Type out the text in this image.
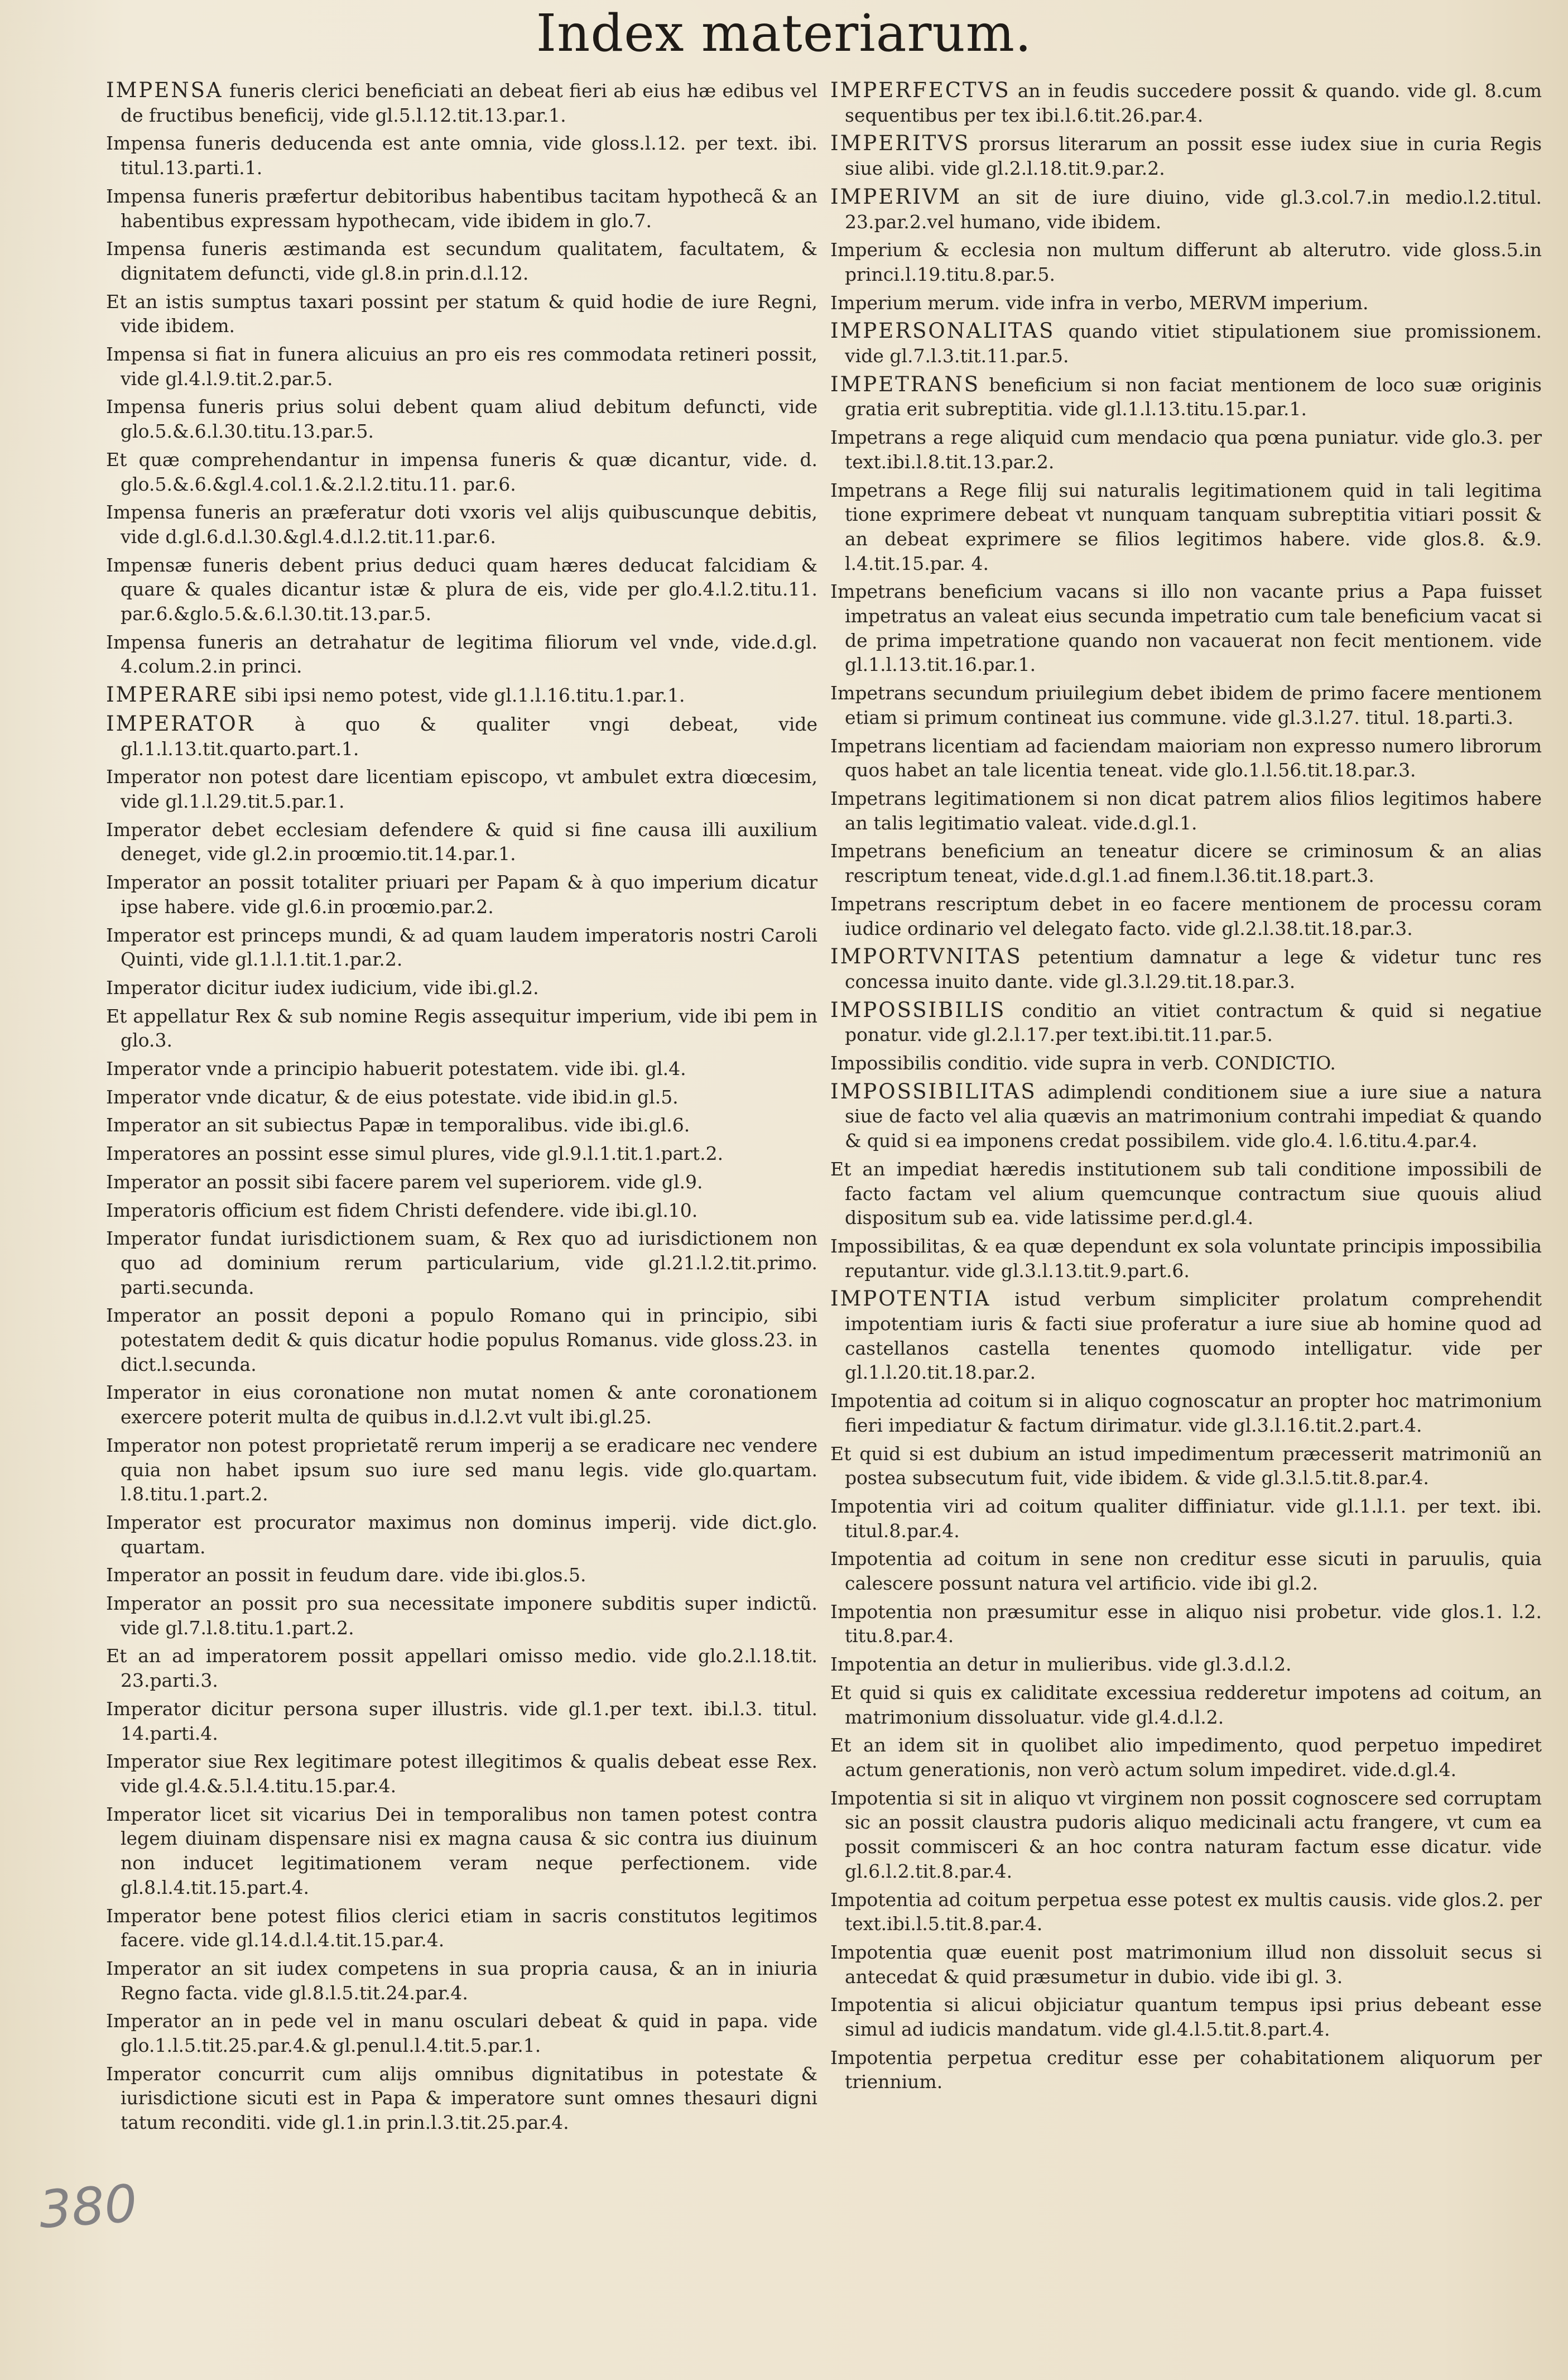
Index materiarum.

IMPENSA funeris clerici beneficiati an debeat fieri ab eius hæ edibus vel de fructibus beneficij, vide gl.5.l.12.tit.13.par.1.

Impensa funeris deducenda est ante omnia, vide gloss.l.12. per text. ibi. titul.13.parti.1.

Impensa funeris præfertur debitoribus habentibus tacitam hypothecã & an habentibus expressam hypothecam, vide ibidem in glo.7.

Impensa funeris æstimanda est secundum qualitatem, facultatem, & dignitatem defuncti, vide gl.8.in prin.d.l.12.

Et an istis sumptus taxari possint per statum & quid hodie de iure Regni, vide ibidem.

Impensa si fiat in funera alicuius an pro eis res commodata retineri possit, vide gl.4.l.9.tit.2.par.5.

Impensa funeris prius solui debent quam aliud debitum defuncti, vide glo.5.&.6.l.30.titu.13.par.5.

Et quæ comprehendantur in impensa funeris & quæ dicantur, vide. d. glo.5.&.6.&gl.4.col.1.&.2.l.2.titu.11. par.6.

Impensa funeris an præferatur doti vxoris vel alijs quibuscunque debitis, vide d.gl.6.d.l.30.&gl.4.d.l.2.tit.11.par.6.

Impensæ funeris debent prius deduci quam hæres deducat falcidiam & quare & quales dicantur istæ & plura de eis, vide per glo.4.l.2.titu.11. par.6.&glo.5.&.6.l.30.tit.13.par.5.

Impensa funeris an detrahatur de legitima filiorum vel vnde, vide.d.gl. 4.colum.2.in princi.

IMPERARE sibi ipsi nemo potest, vide gl.1.l.16.titu.1.par.1.

IMPERATOR à quo & qualiter vngi debeat, vide gl.1.l.13.tit.quarto.part.1.

Imperator non potest dare licentiam episcopo, vt ambulet extra diœcesim, vide gl.1.l.29.tit.5.par.1.

Imperator debet ecclesiam defendere & quid si fine causa illi auxilium deneget, vide gl.2.in proœmio.tit.14.par.1.

Imperator an possit totaliter priuari per Papam & à quo imperium dicatur ipse habere. vide gl.6.in proœmio.par.2.

Imperator est princeps mundi, & ad quam laudem imperatoris nostri Caroli Quinti, vide gl.1.l.1.tit.1.par.2.

Imperator dicitur iudex iudicium, vide ibi.gl.2.

Et appellatur Rex & sub nomine Regis assequitur imperium, vide ibi pem in glo.3.

Imperator vnde a principio habuerit potestatem. vide ibi. gl.4.

Imperator vnde dicatur, & de eius potestate. vide ibid.in gl.5.

Imperator an sit subiectus Papæ in temporalibus. vide ibi.gl.6.

Imperatores an possint esse simul plures, vide gl.9.l.1.tit.1.part.2.

Imperator an possit sibi facere parem vel superiorem. vide gl.9.

Imperatoris officium est fidem Christi defendere. vide ibi.gl.10.

Imperator fundat iurisdictionem suam, & Rex quo ad iurisdictionem non quo ad dominium rerum particularium, vide gl.21.l.2.tit.primo. parti.secunda.

Imperator an possit deponi a populo Romano qui in principio, sibi potestatem dedit & quis dicatur hodie populus Romanus. vide gloss.23. in dict.l.secunda.

Imperator in eius coronatione non mutat nomen & ante coronationem exercere poterit multa de quibus in.d.l.2.vt vult ibi.gl.25.

Imperator non potest proprietatẽ rerum imperij a se eradicare nec vendere quia non habet ipsum suo iure sed manu legis. vide glo.quartam. l.8.titu.1.part.2.

Imperator est procurator maximus non dominus imperij. vide dict.glo. quartam.

Imperator an possit in feudum dare. vide ibi.glos.5.

Imperator an possit pro sua necessitate imponere subditis super indictũ. vide gl.7.l.8.titu.1.part.2.

Et an ad imperatorem possit appellari omisso medio. vide glo.2.l.18.tit. 23.parti.3.

Imperator dicitur persona super illustris. vide gl.1.per text. ibi.l.3. titul. 14.parti.4.

Imperator siue Rex legitimare potest illegitimos & qualis debeat esse Rex. vide gl.4.&.5.l.4.titu.15.par.4.

Imperator licet sit vicarius Dei in temporalibus non tamen potest contra legem diuinam dispensare nisi ex magna causa & sic contra ius diuinum non inducet legitimationem veram neque perfectionem. vide gl.8.l.4.tit.15.part.4.

Imperator bene potest filios clerici etiam in sacris constitutos legitimos facere. vide gl.14.d.l.4.tit.15.par.4.

Imperator an sit iudex competens in sua propria causa, & an in iniuria Regno facta. vide gl.8.l.5.tit.24.par.4.

Imperator an in pede vel in manu osculari debeat & quid in papa. vide glo.1.l.5.tit.25.par.4.& gl.penul.l.4.tit.5.par.1.

Imperator concurrit cum alijs omnibus dignitatibus in potestate & iurisdictione sicuti est in Papa & imperatore sunt omnes thesauri digni tatum reconditi. vide gl.1.in prin.l.3.tit.25.par.4.

IMPERFECTVS an in feudis succedere possit & quando. vide gl. 8.cum sequentibus per tex ibi.l.6.tit.26.par.4.

IMPERITVS prorsus literarum an possit esse iudex siue in curia Regis siue alibi. vide gl.2.l.18.tit.9.par.2.

IMPERIVM an sit de iure diuino, vide gl.3.col.7.in medio.l.2.titul. 23.par.2.vel humano, vide ibidem.

Imperium & ecclesia non multum differunt ab alterutro. vide gloss.5.in princi.l.19.titu.8.par.5.

Imperium merum. vide infra in verbo, MERVM imperium.

IMPERSONALITAS quando vitiet stipulationem siue promissionem. vide gl.7.l.3.tit.11.par.5.

IMPETRANS beneficium si non faciat mentionem de loco suæ originis gratia erit subreptitia. vide gl.1.l.13.titu.15.par.1.

Impetrans a rege aliquid cum mendacio qua pœna puniatur. vide glo.3. per text.ibi.l.8.tit.13.par.2.

Impetrans a Rege filij sui naturalis legitimationem quid in tali legitima tione exprimere debeat vt nunquam tanquam subreptitia vitiari possit & an debeat exprimere se filios legitimos habere. vide glos.8. &.9. l.4.tit.15.par. 4.

Impetrans beneficium vacans si illo non vacante prius a Papa fuisset impetratus an valeat eius secunda impetratio cum tale beneficium vacat si de prima impetratione quando non vacauerat non fecit mentionem. vide gl.1.l.13.tit.16.par.1.

Impetrans secundum priuilegium debet ibidem de primo facere mentionem etiam si primum contineat ius commune. vide gl.3.l.27. titul. 18.parti.3.

Impetrans licentiam ad faciendam maioriam non expresso numero librorum quos habet an tale licentia teneat. vide glo.1.l.56.tit.18.par.3.

Impetrans legitimationem si non dicat patrem alios filios legitimos habere an talis legitimatio valeat. vide.d.gl.1.

Impetrans beneficium an teneatur dicere se criminosum & an alias rescriptum teneat, vide.d.gl.1.ad finem.l.36.tit.18.part.3.

Impetrans rescriptum debet in eo facere mentionem de processu coram iudice ordinario vel delegato facto. vide gl.2.l.38.tit.18.par.3.

IMPORTVNITAS petentium damnatur a lege & videtur tunc res concessa inuito dante. vide gl.3.l.29.tit.18.par.3.

IMPOSSIBILIS conditio an vitiet contractum & quid si negatiue ponatur. vide gl.2.l.17.per text.ibi.tit.11.par.5.

Impossibilis conditio. vide supra in verb. CONDICTIO.

IMPOSSIBILITAS adimplendi conditionem siue a iure siue a natura siue de facto vel alia quævis an matrimonium contrahi impediat & quando & quid si ea imponens credat possibilem. vide glo.4. l.6.titu.4.par.4.

Et an impediat hæredis institutionem sub tali conditione impossibili de facto factam vel alium quemcunque contractum siue quouis aliud dispositum sub ea. vide latissime per.d.gl.4.

Impossibilitas, & ea quæ dependunt ex sola voluntate principis impossibilia reputantur. vide gl.3.l.13.tit.9.part.6.

IMPOTENTIA istud verbum simpliciter prolatum comprehendit impotentiam iuris & facti siue proferatur a iure siue ab homine quod ad castellanos castella tenentes quomodo intelligatur. vide per gl.1.l.20.tit.18.par.2.

Impotentia ad coitum si in aliquo cognoscatur an propter hoc matrimonium fieri impediatur & factum dirimatur. vide gl.3.l.16.tit.2.part.4.

Et quid si est dubium an istud impedimentum præcesserit matrimoniũ an postea subsecutum fuit, vide ibidem. & vide gl.3.l.5.tit.8.par.4.

Impotentia viri ad coitum qualiter diffiniatur. vide gl.1.l.1. per text. ibi. titul.8.par.4.

Impotentia ad coitum in sene non creditur esse sicuti in paruulis, quia calescere possunt natura vel artificio. vide ibi gl.2.

Impotentia non præsumitur esse in aliquo nisi probetur. vide glos.1. l.2. titu.8.par.4.

Impotentia an detur in mulieribus. vide gl.3.d.l.2.

Et quid si quis ex caliditate excessiua redderetur impotens ad coitum, an matrimonium dissoluatur. vide gl.4.d.l.2.

Et an idem sit in quolibet alio impedimento, quod perpetuo impediret actum generationis, non verò actum solum impediret. vide.d.gl.4.

Impotentia si sit in aliquo vt virginem non possit cognoscere sed corruptam sic an possit claustra pudoris aliquo medicinali actu frangere, vt cum ea possit commisceri & an hoc contra naturam factum esse dicatur. vide gl.6.l.2.tit.8.par.4.

Impotentia ad coitum perpetua esse potest ex multis causis. vide glos.2. per text.ibi.l.5.tit.8.par.4.

Impotentia quæ euenit post matrimonium illud non dissoluit secus si antecedat & quid præsumetur in dubio. vide ibi gl. 3.

Impotentia si alicui objiciatur quantum tempus ipsi prius debeant esse simul ad iudicis mandatum. vide gl.4.l.5.tit.8.part.4.

Impotentia perpetua creditur esse per cohabitationem aliquorum per triennium.

380
